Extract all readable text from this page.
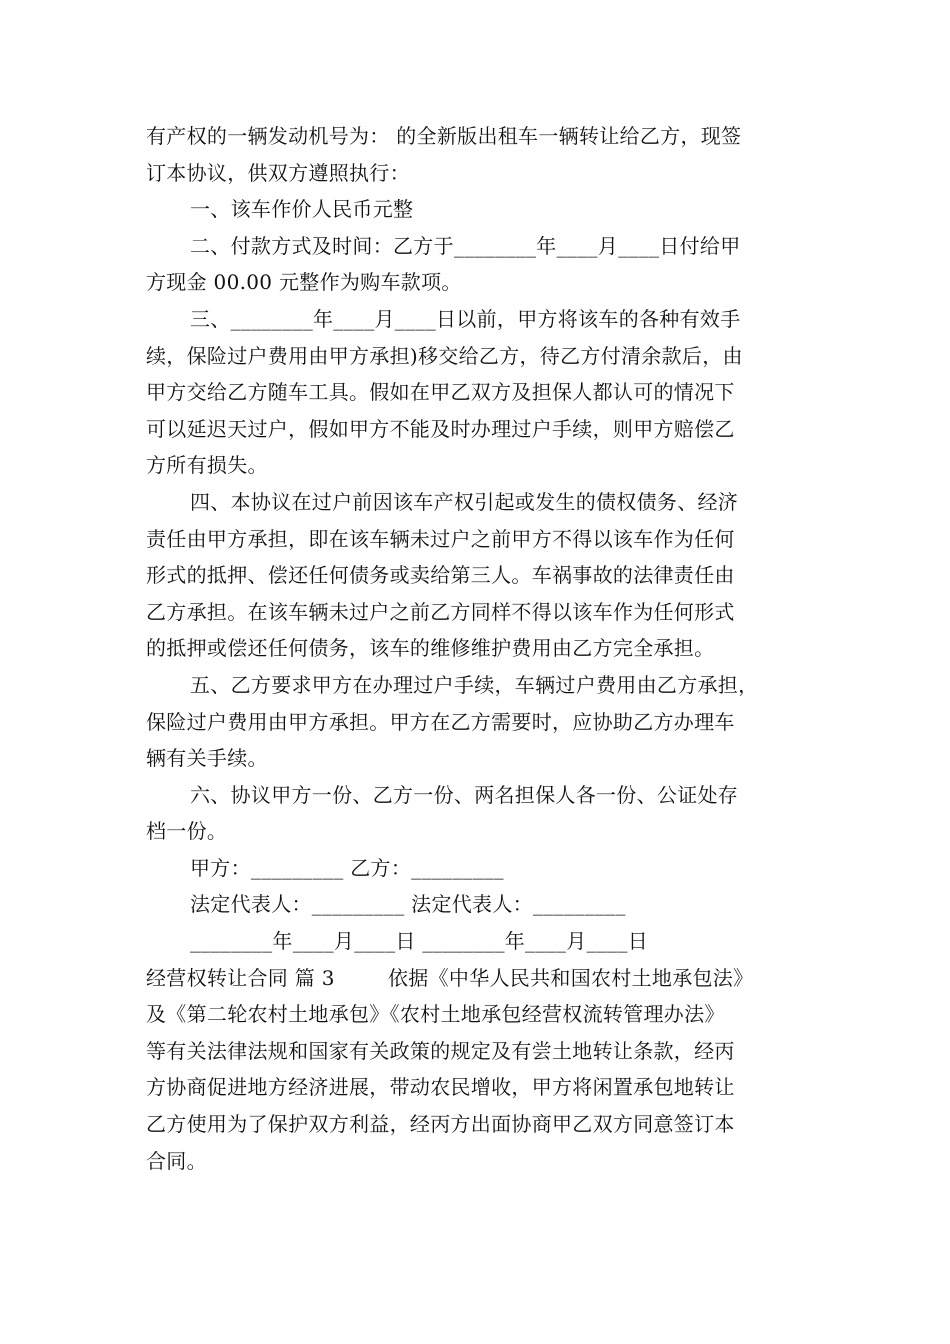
有产权的一辆发动机号为： 的全新版出租车一辆转让给乙方，现签
订本协议，供双方遵照执行：
一、该车作价人民币元整
二、付款方式及时间：乙方于________年____月____日付给甲
方现金 00.00 元整作为购车款项。
三、________年____月____日以前，甲方将该车的各种有效手
续，保险过户费用由甲方承担)移交给乙方，待乙方付清余款后，由
甲方交给乙方随车工具。假如在甲乙双方及担保人都认可的情况下
可以延迟天过户，假如甲方不能及时办理过户手续，则甲方赔偿乙
方所有损失。
四、本协议在过户前因该车产权引起或发生的债权债务、经济
责任由甲方承担，即在该车辆未过户之前甲方不得以该车作为任何
形式的抵押、偿还任何债务或卖给第三人。车祸事故的法律责任由
乙方承担。在该车辆未过户之前乙方同样不得以该车作为任何形式
的抵押或偿还任何债务，该车的维修维护费用由乙方完全承担。
五、乙方要求甲方在办理过户手续，车辆过户费用由乙方承担，
保险过户费用由甲方承担。甲方在乙方需要时，应协助乙方办理车
辆有关手续。
六、协议甲方一份、乙方一份、两名担保人各一份、公证处存
档一份。
甲方：_________ 乙方：_________
法定代表人：_________ 法定代表人：_________
________年____月____日 ________年____月____日
经营权转让合同 篇 3        依据《中华人民共和国农村土地承包法》
及《第二轮农村土地承包》《农村土地承包经营权流转管理办法》
等有关法律法规和国家有关政策的规定及有尝土地转让条款，经丙
方协商促进地方经济进展，带动农民增收，甲方将闲置承包地转让
乙方使用为了保护双方利益，经丙方出面协商甲乙双方同意签订本
合同。
